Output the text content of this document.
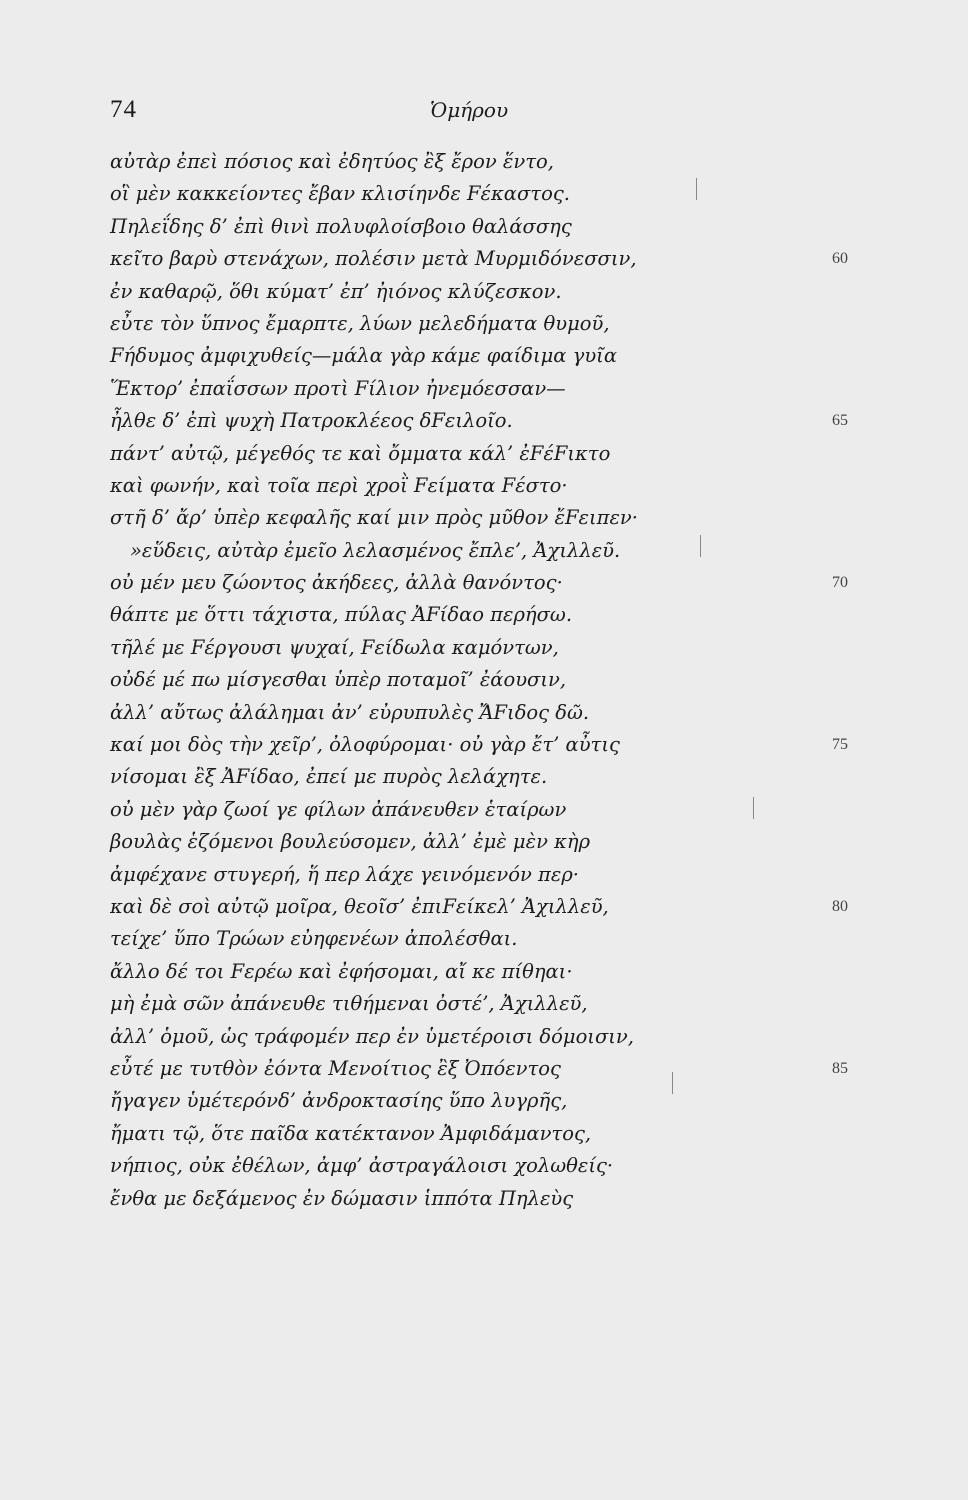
74	Ὁμήρου
αὐτὰρ ἐπεὶ πόσιος καὶ ἐδητύος ἒξ ἔρον ἕντο,
οἳ μὲν κακκείοντες ἔβαν κλισίηνδε Fέκαστος.
Πηλεΐδης δ’ ἐπὶ θινὶ πολυφλοίσβοιο θαλάσσης
κεῖτο βαρὺ στενάχων, πολέσιν μετὰ Μυρμιδόνεσσιν,	60
ἐν καθαρῷ, ὅθι κύματ’ ἐπ’ ἠιόνος κλύζεσκον.
εὖτε τὸν ὕπνος ἔμαρπτε, λύων μελεδήματα θυμοῦ,
Fήδυμος ἀμφιχυθείς—μάλα γὰρ κάμε φαίδιμα γυῖα
Ἕκτορ’ ἐπαΐσσων προτὶ Fίλιον ἠνεμόεσσαν—
ἦλθε δ’ ἐπὶ ψυχὴ Πατροκλέεος δFειλοῖο.	65
πάντ’ αὐτῷ, μέγεθός τε καὶ ὄμματα κάλ’ ἐFέFικτο
καὶ φωνήν, καὶ τοῖα περὶ χροῒ Fείματα Fέστο·
στῆ δ’ ἄρ’ ὑπὲρ κεφαλῆς καί μιν πρὸς μῦθον ἔFειπεν·
»εὕδεις, αὐτὰρ ἐμεῖο λελασμένος ἔπλε’, Ἀχιλλεῦ.
οὐ μέν μευ ζώοντος ἀκήδεες, ἀλλὰ θανόντος·	70
θάπτε με ὅττι τάχιστα, πύλας ἈFίδαο περήσω.
τῆλέ με Fέργουσι ψυχαί, Fείδωλα καμόντων,
οὐδέ μέ πω μίσγεσθαι ὑπὲρ ποταμοῖ’ ἐάουσιν,
ἀλλ’ αὔτως ἀλάλημαι ἀν’ εὐρυπυλὲς ἌFιδος δῶ.
καί μοι δὸς τὴν χεῖρ’, ὀλοφύρομαι· οὐ γὰρ ἔτ’ αὖτις	75
νίσομαι ἒξ ἈFίδαο, ἐπεί με πυρὸς λελάχητε.
οὐ μὲν γὰρ ζωοί γε φίλων ἀπάνευθεν ἑταίρων
βουλὰς ἑζόμενοι βουλεύσομεν, ἀλλ’ ἐμὲ μὲν κὴρ
ἀμφέχανε στυγερή, ἥ περ λάχε γεινόμενόν περ·
καὶ δὲ σοὶ αὐτῷ μοῖρα, θεοῖσ’ ἐπιFείκελ’ Ἀχιλλεῦ,	80
τείχε’ ὕπο Τρώων εὐηφενέων ἀπολέσθαι.
ἄλλο δέ τοι Fερέω καὶ ἐφήσομαι, αἴ κε πίθηαι·
μὴ ἐμὰ σῶν ἀπάνευθε τιθήμεναι ὀστέ’, Ἀχιλλεῦ,
ἀλλ’ ὁμοῦ, ὡς τράφομέν περ ἐν ὑμετέροισι δόμοισιν,
εὖτέ με τυτθὸν ἐόντα Μενοίτιος ἒξ Ὀπόεντος	85
ἤγαγεν ὑμέτερόνδ’ ἀνδροκτασίης ὕπο λυγρῆς,
ἤματι τῷ, ὅτε παῖδα κατέκτανον Ἀμφιδάμαντος,
νήπιος, οὐκ ἐθέλων, ἀμφ’ ἀστραγάλοισι χολωθείς·
ἔνθα με δεξάμενος ἐν δώμασιν ἱππότα Πηλεὺς
